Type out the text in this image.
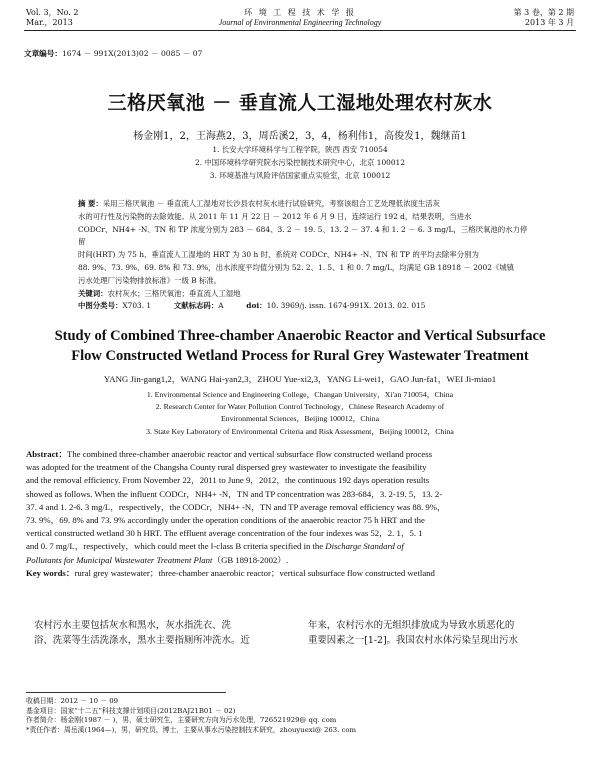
Vol. 3，No. 2
Mar.，2013
环 境 工 程 技 术 学 报
Journal of Environmental Engineering Technology
第 3 卷，第 2 期
2013 年 3 月
文章编号：1674 － 991X(2013)02 － 0085 － 07
三格厌氧池 － 垂直流人工湿地处理农村灰水
杨金刚1，2，王海燕2，3，周岳溪2，3，4，杨利伟1，高俊发1，魏继苗1
1. 长安大学环境科学与工程学院，陕西 西安 710054
2. 中国环境科学研究院水污染控制技术研究中心，北京 100012
3. 环境基准与风险评估国家重点实验室，北京 100012
摘 要：采用三格厌氧池 － 垂直流人工湿地对长沙县农村灰水进行试验研究，考察该组合工艺处理低浓度生活灰
水的可行性及污染物的去除效能。从 2011 年 11 月 22 日 － 2012 年 6 月 9 日，连续运行 192 d，结果表明，当进水
CODCr、NH4+ -N、TN 和 TP 浓度分别为 283 － 684、3. 2 － 19. 5、13. 2 － 37. 4 和 1. 2 － 6. 3 mg/L，三格厌氧池的水力停留
时间(HRT) 为 75 h、垂直流人工湿地的 HRT 为 30 h 时，系统对 CODCr、NH4+ -N、TN 和 TP 的平均去除率分别为
88. 9%、73. 9%、69. 8% 和 73. 9%，出水浓度平均值分别为 52. 2、1. 5、1 和 0. 7 mg/L，均满足 GB 18918 － 2002《城镇
污水处理厂污染物排放标准》一级 B 标准。
关键词：农村灰水；三格厌氧池；垂直流人工湿地
中图分类号：X703. 1	文献标志码：A	doi：10. 3969/j. issn. 1674-991X. 2013. 02. 015
Study of Combined Three-chamber Anaerobic Reactor and Vertical Subsurface
Flow Constructed Wetland Process for Rural Grey Wastewater Treatment
YANG Jin-gang1,2，WANG Hai-yan2,3，ZHOU Yue-xi2,3，YANG Li-wei1，GAO Jun-fa1，WEI Ji-miao1
1. Environmental Science and Engineering College，Changan University，Xi'an 710054，China
2. Research Center for Water Pollution Control Technology，Chinese Research Academy of
Environmental Sciences，Beijing 100012，China
3. State Key Laboratory of Environmental Criteria and Risk Assessment，Beijing 100012，China
Abstract：The combined three-chamber anaerobic reactor and vertical subsurface flow constructed wetland process
was adopted for the treatment of the Changsha County rural dispersed grey wastewater to investigate the feasibility
and the removal efficiency. From November 22，2011 to June 9，2012，the continuous 192 days operation results
showed as follows. When the influent CODCr，NH4+ -N，TN and TP concentration was 283-684，3. 2-19. 5，13. 2-
37. 4 and 1. 2-6. 3 mg/L，respectively，the CODCr，NH4+ -N，TN and TP average removal efficiency was 88. 9%，
73. 9%，69. 8% and 73. 9% accordingly under the operation conditions of the anaerobic reactor 75 h HRT and the
vertical constructed wetland 30 h HRT. The effluent average concentration of the four indexes was 52，2. 1，5. 1
and 0. 7 mg/L，respectively，which could meet the Ⅰ-class B criteria specified in the Discharge Standard of
Pollutants for Municipal Wastewater Treatment Plant（GB 18918-2002）.
Key words：rural grey wastewater；three-chamber anaerobic reactor；vertical subsurface flow constructed wetland
农村污水主要包括灰水和黑水，灰水指洗衣、洗
浴、洗菜等生活洗涤水，黑水主要指厕所冲洗水。近
年来，农村污水的无组织排放成为导致水质恶化的
重要因素之一[1-2]。我国农村水体污染呈现出污水
收稿日期：2012 － 10 － 09
基金项目：国家“十二五”科技支撑计划项目(2012BAJ21B01 － 02)
作者简介：杨金刚(1987 － )，男，硕士研究生，主要研究方向为污水处理，726521929@ qq. com
*责任作者：周岳溪(1964—)，男，研究员，博士，主要从事水污染控制技术研究，zhouyuexi@ 263. com
